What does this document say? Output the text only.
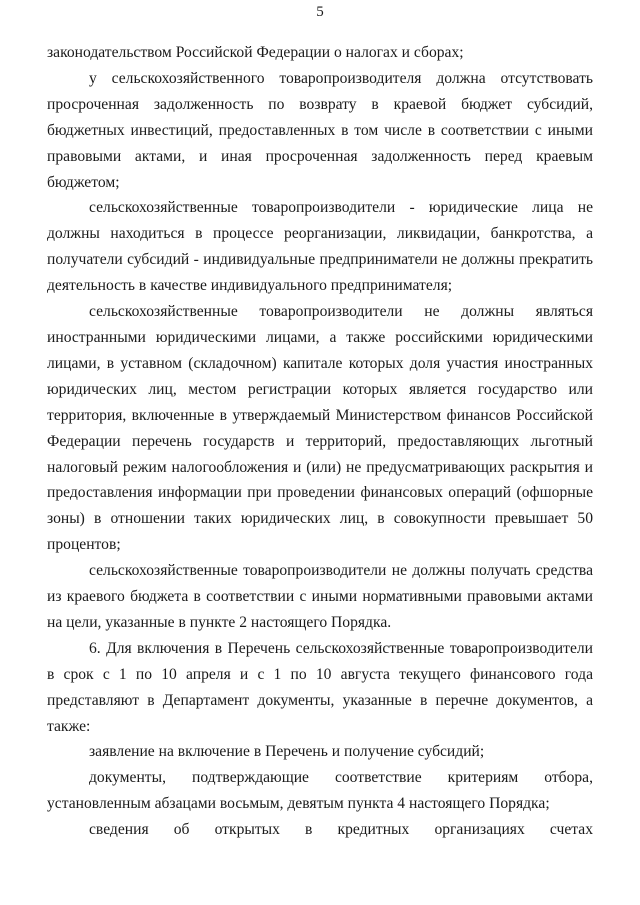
5

законодательством Российской Федерации о налогах и сборах;

у сельскохозяйственного товаропроизводителя должна отсутствовать просроченная задолженность по возврату в краевой бюджет субсидий, бюджетных инвестиций, предоставленных в том числе в соответствии с иными правовыми актами, и иная просроченная задолженность перед краевым бюджетом;

сельскохозяйственные товаропроизводители - юридические лица не должны находиться в процессе реорганизации, ликвидации, банкротства, а получатели субсидий - индивидуальные предприниматели не должны прекратить деятельность в качестве индивидуального предпринимателя;

сельскохозяйственные товаропроизводители не должны являться иностранными юридическими лицами, а также российскими юридическими лицами, в уставном (складочном) капитале которых доля участия иностранных юридических лиц, местом регистрации которых является государство или территория, включенные в утверждаемый Министерством финансов Российской Федерации перечень государств и территорий, предоставляющих льготный налоговый режим налогообложения и (или) не предусматривающих раскрытия и предоставления информации при проведении финансовых операций (офшорные зоны) в отношении таких юридических лиц, в совокупности превышает 50 процентов;

сельскохозяйственные товаропроизводители не должны получать средства из краевого бюджета в соответствии с иными нормативными правовыми актами на цели, указанные в пункте 2 настоящего Порядка.

6. Для включения в Перечень сельскохозяйственные товаропроизводители в срок с 1 по 10 апреля и с 1 по 10 августа текущего финансового года представляют в Департамент документы, указанные в перечне документов, а также:

заявление на включение в Перечень и получение субсидий;

документы, подтверждающие соответствие критериям отбора, установленным абзацами восьмым, девятым пункта 4 настоящего Порядка;

сведения об открытых в кредитных организациях счетах
